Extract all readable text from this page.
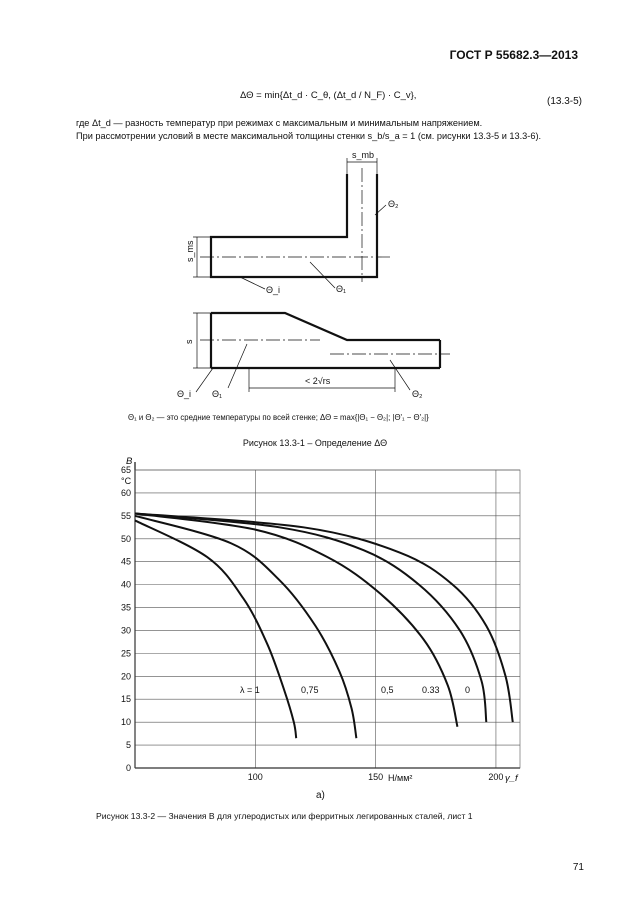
ГОСТ Р 55682.3—2013
ΔΘ = min{Δt_d · C_θ, (Δt_d / N_F) · C_v},
(13.3-5)
где Δt_d — разность температур при режимах с максимальным и минимальным напряжением.
При рассмотрении условий в месте максимальной толщины стенки s_b/s_a = 1 (см. рисунки 13.3-5 и 13.3-6).
s_mb
Θ₂
s_ms
Θ_i	Θ₁
s
Θ_i Θ₁
< 2√rs
Θ₂
0
5
10
15
20
25
30
35
40
45
50
55
60
65
100	150	200
B
°C
Н/мм²	γ_f
а)
λ = 1	0,75	0,5	0.33	0
Θ₁ и Θ₂ — это средние температуры по всей стенке; ΔΘ = max{|Θ₁ − Θ₂|; |Θ'₁ − Θ'₂|}
Рисунок 13.3-1 – Определение ΔΘ
Рисунок 13.3-2 — Значения B для углеродистых или ферритных легированных сталей, лист 1
71
